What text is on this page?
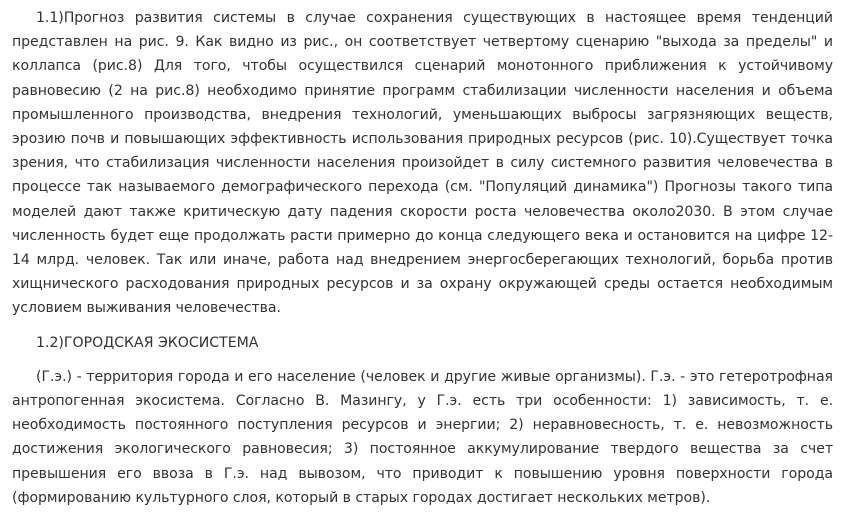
1.1)Прогноз развития системы в случае сохранения существующих в настоящее время тенденций представлен на рис. 9. Как видно из рис., он соответствует четвертому сценарию "выхода за пределы" и коллапса (рис.8) Для того, чтобы осуществился сценарий монотонного приближения к устойчивому равновесию (2 на рис.8) необходимо принятие программ стабилизации численности населения и объема промышленного производства, внедрения технологий, уменьшающих выбросы загрязняющих веществ, эрозию почв и повышающих эффективность использования природных ресурсов (рис. 10).Существует точка зрения, что стабилизация численности населения произойдет в силу системного развития человечества в процессе так называемого демографического перехода (см. "Популяций динамика") Прогнозы такого типа моделей дают также критическую дату падения скорости роста человечества около2030. В этом случае численность будет еще продолжать расти примерно до конца следующего века и остановится на цифре 12-14 млрд. человек. Так или иначе, работа над внедрением энергосберегающих технологий, борьба против хищнического расходования природных ресурсов и за охрану окружающей среды остается необходимым условием выживания человечества.

1.2)ГОРОДСКАЯ ЭКОСИСТЕМА

(Г.э.) - территория города и его население (человек и другие живые организмы). Г.э. - это гетеротрофная антропогенная экосистема. Согласно В. Мазингу, у Г.э. есть три особенности: 1) зависимость, т. е. необходимость постоянного поступления ресурсов и энергии; 2) неравновесность, т. е. невозможность достижения экологического равновесия; 3) постоянное аккумулирование твердого вещества за счет превышения его ввоза в Г.э. над вывозом, что приводит к повышению уровня поверхности города (формированию культурного слоя, который в старых городах достигает нескольких метров).
